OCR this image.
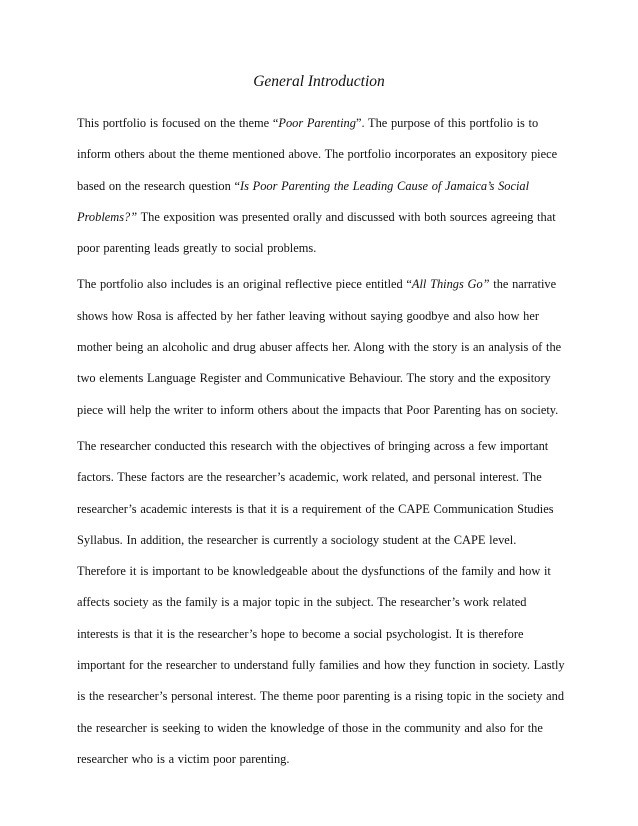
General Introduction

This portfolio is focused on the theme “Poor Parenting”. The purpose of this portfolio is to
inform others about the theme mentioned above. The portfolio incorporates an expository piece
based on the research question “Is Poor Parenting the Leading Cause of Jamaica’s Social
Problems?” The exposition was presented orally and discussed with both sources agreeing that
poor parenting leads greatly to social problems.

The portfolio also includes is an original reflective piece entitled “All Things Go” the narrative
shows how Rosa is affected by her father leaving without saying goodbye and also how her
mother being an alcoholic and drug abuser affects her. Along with the story is an analysis of the
two elements Language Register and Communicative Behaviour. The story and the expository
piece will help the writer to inform others about the impacts that Poor Parenting has on society.

The researcher conducted this research with the objectives of bringing across a few important
factors. These factors are the researcher’s academic, work related, and personal interest. The
researcher’s academic interests is that it is a requirement of the CAPE Communication Studies
Syllabus. In addition, the researcher is currently a sociology student at the CAPE level.
Therefore it is important to be knowledgeable about the dysfunctions of the family and how it
affects society as the family is a major topic in the subject. The researcher’s work related
interests is that it is the researcher’s hope to become a social psychologist. It is therefore
important for the researcher to understand fully families and how they function in society. Lastly
is the researcher’s personal interest. The theme poor parenting is a rising topic in the society and
the researcher is seeking to widen the knowledge of those in the community and also for the
researcher who is a victim poor parenting.
